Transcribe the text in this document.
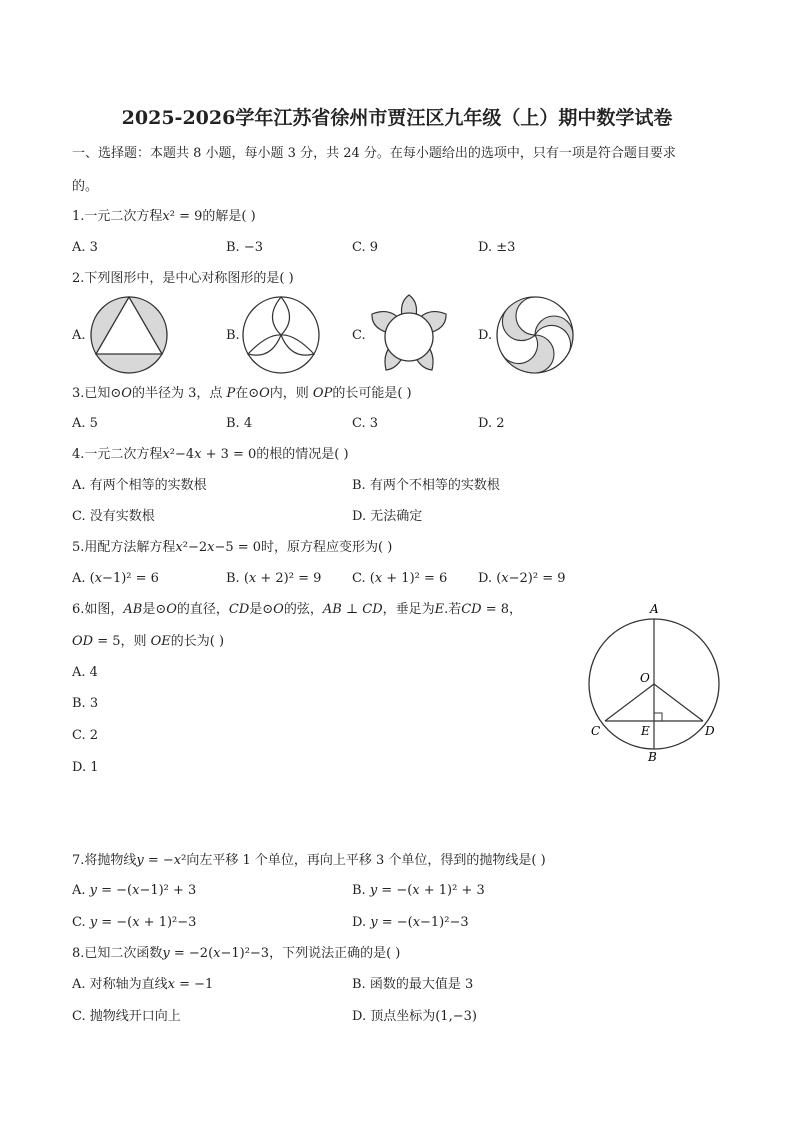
2025-2026学年江苏省徐州市贾汪区九年级（上）期中数学试卷
一、选择题：本题共 8 小题，每小题 3 分，共 24 分。在每小题给出的选项中，只有一项是符合题目要求
的。
1.一元二次方程𝑥² = 9的解是( )
A. 3	B. −3	C. 9	D. ±3
2.下列图形中，是中心对称图形的是( )
A.	B.	C.	D.
3.已知⊙𝑂的半径为 3，点 𝑃在⊙𝑂内，则 𝑂𝑃的长可能是( )
A. 5	B. 4	C. 3	D. 2
4.一元二次方程𝑥²−4𝑥 + 3 = 0的根的情况是( )
A. 有两个相等的实数根	B. 有两个不相等的实数根
C. 没有实数根	D. 无法确定
5.用配方法解方程𝑥²−2𝑥−5 = 0时，原方程应变形为( )
A. (𝑥−1)² = 6	B. (𝑥 + 2)² = 9 C. (𝑥 + 1)² = 6 D. (𝑥−2)² = 9
6.如图，𝐴𝐵是⊙𝑂的直径，𝐶𝐷是⊙𝑂的弦，𝐴𝐵 ⊥ 𝐶𝐷，垂足为𝐸.若𝐶𝐷 = 8，
𝑂𝐷 = 5，则 𝑂𝐸的长为( )
A. 4
B. 3
C. 2
D. 1
A
O
C	E	D
B
7.将抛物线𝑦 = −𝑥²向左平移 1 个单位，再向上平移 3 个单位，得到的抛物线是( )
A. 𝑦 = −(𝑥−1)² + 3	B. 𝑦 = −(𝑥 + 1)² + 3
C. 𝑦 = −(𝑥 + 1)²−3	D. 𝑦 = −(𝑥−1)²−3
8.已知二次函数𝑦 = −2(𝑥−1)²−3，下列说法正确的是( )
A. 对称轴为直线𝑥 = −1	B. 函数的最大值是 3
C. 抛物线开口向上	D. 顶点坐标为(1,−3)
